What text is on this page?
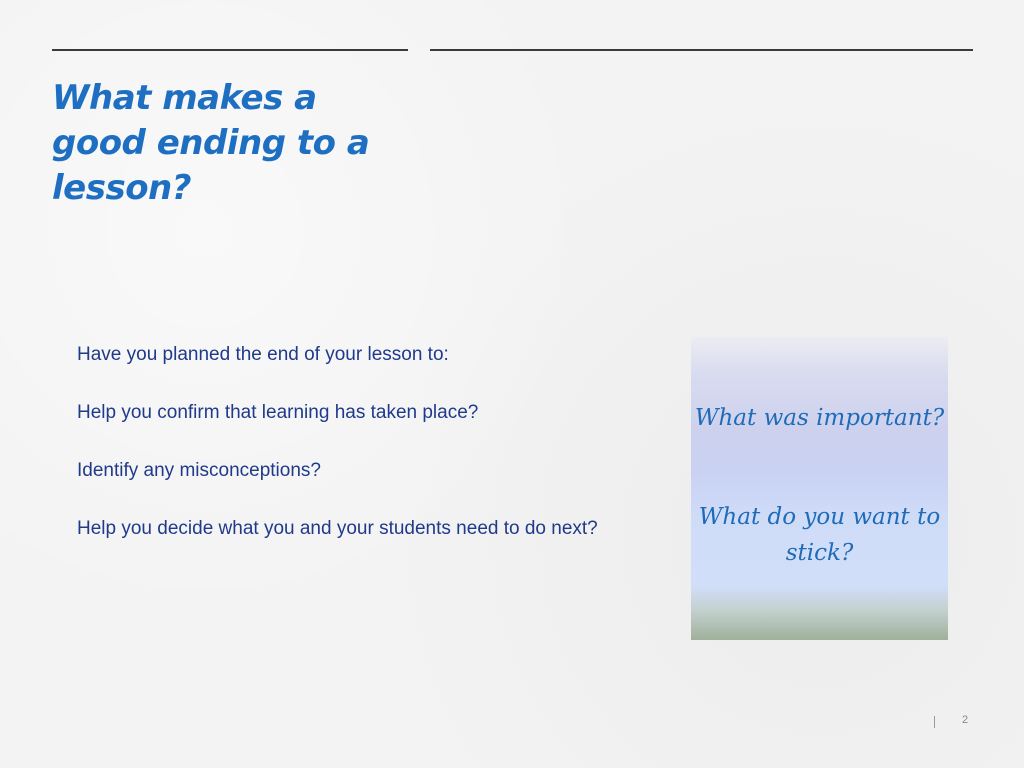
What makes a good ending to a lesson?

Have you planned the end of your lesson to:

Help you confirm that learning has taken place?

Identify any misconceptions?

Help you decide what you and your students need to do next?

What was important?

What do you want to stick?

2
